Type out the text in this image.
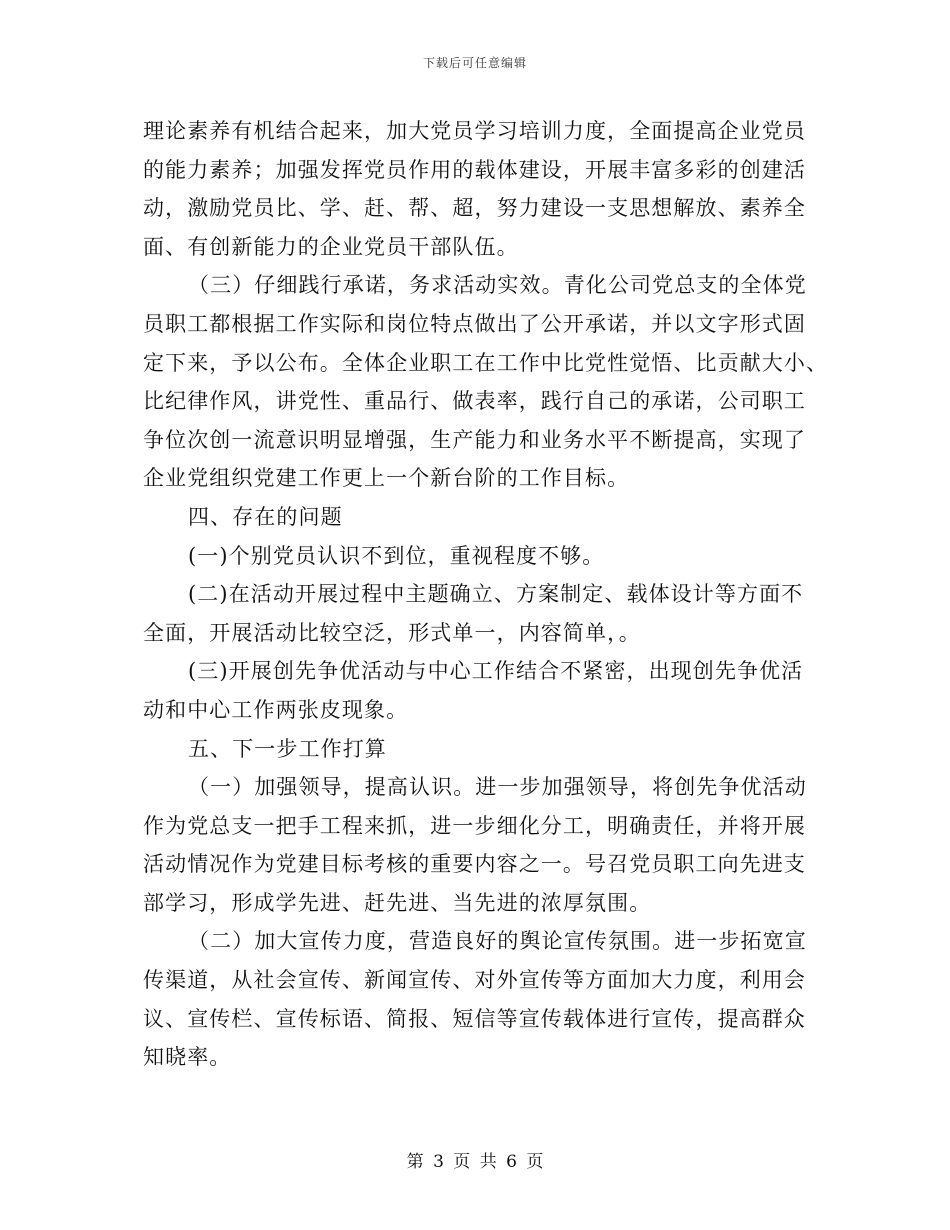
下载后可任意编辑
理论素养有机结合起来，加大党员学习培训力度，全面提高企业党员
的能力素养；加强发挥党员作用的载体建设，开展丰富多彩的创建活
动，激励党员比、学、赶、帮、超，努力建设一支思想解放、素养全
面、有创新能力的企业党员干部队伍。
（三）仔细践行承诺，务求活动实效。青化公司党总支的全体党
员职工都根据工作实际和岗位特点做出了公开承诺，并以文字形式固
定下来，予以公布。全体企业职工在工作中比党性觉悟、比贡献大小、
比纪律作风，讲党性、重品行、做表率，践行自己的承诺，公司职工
争位次创一流意识明显增强，生产能力和业务水平不断提高，实现了
企业党组织党建工作更上一个新台阶的工作目标。
四、存在的问题
(一)个别党员认识不到位，重视程度不够。
(二)在活动开展过程中主题确立、方案制定、载体设计等方面不
全面，开展活动比较空泛，形式单一，内容简单，。
(三)开展创先争优活动与中心工作结合不紧密，出现创先争优活
动和中心工作两张皮现象。
五、下一步工作打算
（一）加强领导，提高认识。进一步加强领导，将创先争优活动
作为党总支一把手工程来抓，进一步细化分工，明确责任，并将开展
活动情况作为党建目标考核的重要内容之一。号召党员职工向先进支
部学习，形成学先进、赶先进、当先进的浓厚氛围。
（二）加大宣传力度，营造良好的舆论宣传氛围。进一步拓宽宣
传渠道，从社会宣传、新闻宣传、对外宣传等方面加大力度，利用会
议、宣传栏、宣传标语、简报、短信等宣传载体进行宣传，提高群众
知晓率。
第 3 页 共 6 页
